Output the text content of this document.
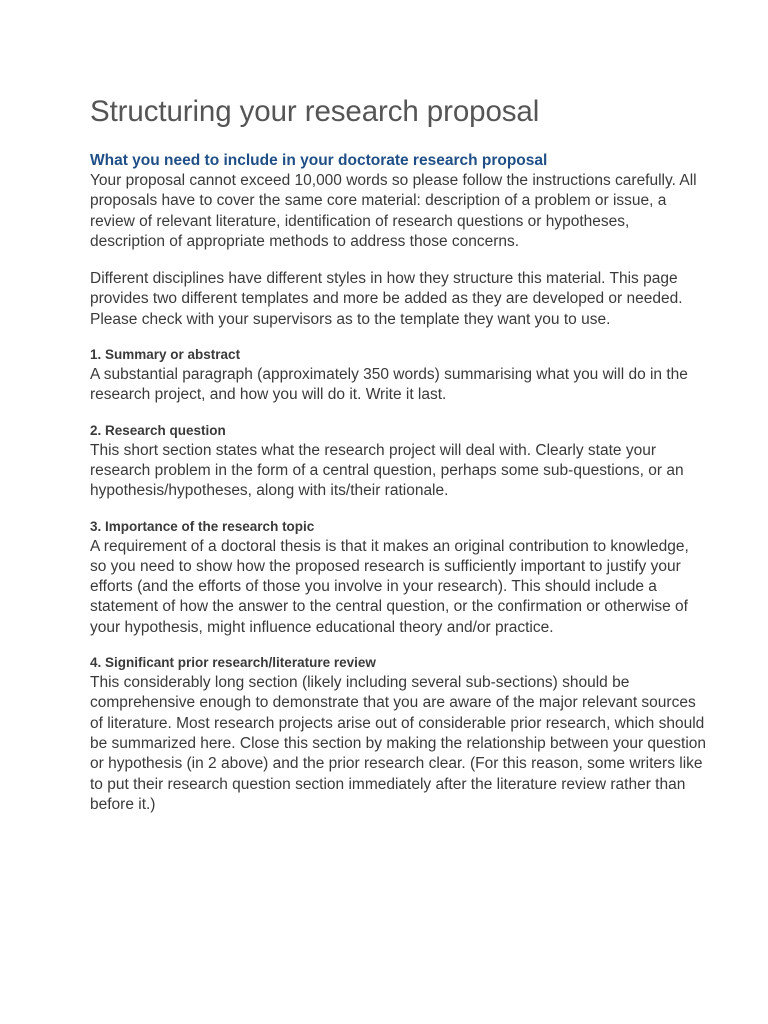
Structuring your research proposal
What you need to include in your doctorate research proposal

Your proposal cannot exceed 10,000 words so please follow the instructions carefully. All proposals have to cover the same core material: description of a problem or issue, a review of relevant literature, identification of research questions or hypotheses, description of appropriate methods to address those concerns.

Different disciplines have different styles in how they structure this material. This page provides two different templates and more be added as they are developed or needed. Please check with your supervisors as to the template they want you to use.

1. Summary or abstract

A substantial paragraph (approximately 350 words) summarising what you will do in the research project, and how you will do it. Write it last.

2. Research question

This short section states what the research project will deal with. Clearly state your research problem in the form of a central question, perhaps some sub-questions, or an hypothesis/hypotheses, along with its/their rationale.

3. Importance of the research topic

A requirement of a doctoral thesis is that it makes an original contribution to knowledge, so you need to show how the proposed research is sufficiently important to justify your efforts (and the efforts of those you involve in your research). This should include a statement of how the answer to the central question, or the confirmation or otherwise of your hypothesis, might influence educational theory and/or practice.

4. Significant prior research/literature review

This considerably long section (likely including several sub-sections) should be comprehensive enough to demonstrate that you are aware of the major relevant sources of literature. Most research projects arise out of considerable prior research, which should be summarized here. Close this section by making the relationship between your question or hypothesis (in 2 above) and the prior research clear. (For this reason, some writers like to put their research question section immediately after the literature review rather than before it.)
